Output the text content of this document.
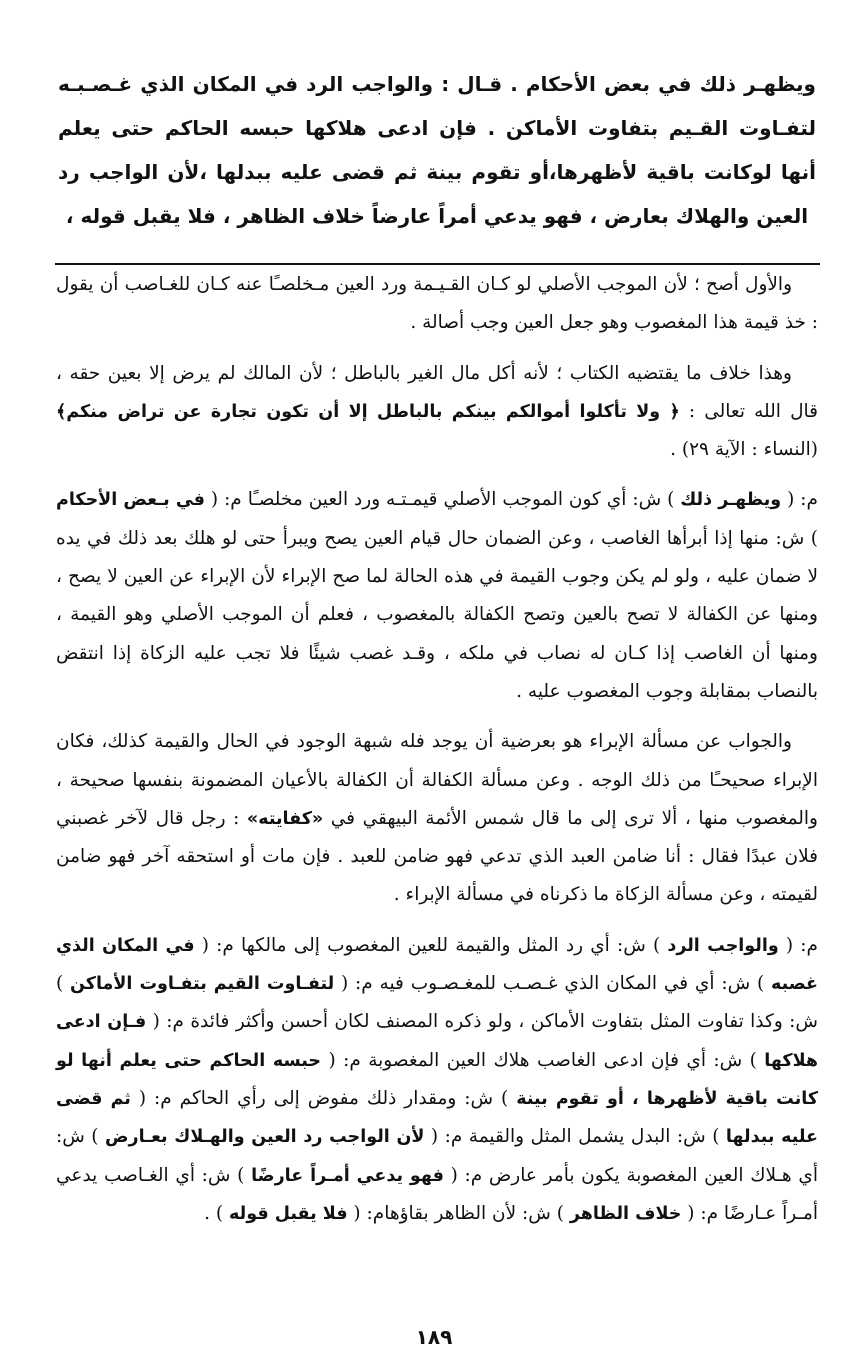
ويظهـر ذلك في بعض الأحكام . قـال : والواجب الرد في المكان الذي غـصـبـه لتفـاوت القـيم بتفاوت الأماكن . فإن ادعى هلاكها حبسه الحاكم حتى يعلم أنها لوكانت باقية لأظهرها،أو تقوم بينة ثم قضى عليه ببدلها ،لأن الواجب رد العين والهلاك بعارض ، فهو يدعي أمراً عارضاً خلاف الظاهر ، فلا يقبل قوله ،

والأول أصح ؛ لأن الموجب الأصلي لو كـان القـيـمة ورد العين مـخلصـًا عنه كـان للغـاصب أن يقول : خذ قيمة هذا المغصوب وهو جعل العين وجب أصالة .

وهذا خلاف ما يقتضيه الكتاب ؛ لأنه أكل مال الغير بالباطل ؛ لأن المالك لم يرض إلا بعين حقه ، قال الله تعالى : ﴿ ولا تأكلوا أموالكم بينكم بالباطل إلا أن تكون تجارة عن تراض منكم﴾ (النساء : الآية ٢٩) .

م: ( ويظهـر ذلك ) ش: أي كون الموجب الأصلي قيمـتـه ورد العين مخلصـًا م: ( في بـعض الأحكام ) ش: منها إذا أبرأها الغاصب ، وعن الضمان حال قيام العين يصح ويبرأ حتى لو هلك بعد ذلك في يده لا ضمان عليه ، ولو لم يكن وجوب القيمة في هذه الحالة لما صح الإبراء لأن الإبراء عن العين لا يصح ، ومنها عن الكفالة لا تصح بالعين وتصح الكفالة بالمغصوب ، فعلم أن الموجب الأصلي وهو القيمة ، ومنها أن الغاصب إذا كـان له نصاب في ملكه ، وقـد غصب شيئًا فلا تجب عليه الزكاة إذا انتقض بالنصاب بمقابلة وجوب المغصوب عليه .

والجواب عن مسألة الإبراء هو بعرضية أن يوجد فله شبهة الوجود في الحال والقيمة كذلك، فكان الإبراء صحيحـًا من ذلك الوجه . وعن مسألة الكفالة أن الكفالة بالأعيان المضمونة بنفسها صحيحة ، والمغصوب منها ، ألا ترى إلى ما قال شمس الأئمة البيهقي في «كفايته» : رجل قال لآخر غصبني فلان عبدًا فقال : أنا ضامن العبد الذي تدعي فهو ضامن للعبد . فإن مات أو استحقه آخر فهو ضامن لقيمته ، وعن مسألة الزكاة ما ذكرناه في مسألة الإبراء .

م: ( والواجب الرد ) ش: أي رد المثل والقيمة للعين المغصوب إلى مالكها م: ( في المكان الذي غصبه ) ش: أي في المكان الذي غـصـب للمغـصـوب فيه م: ( لتفـاوت القيم بتفـاوت الأماكن ) ش: وكذا تفاوت المثل بتفاوت الأماكن ، ولو ذكره المصنف لكان أحسن وأكثر فائدة م: ( فـإن ادعى هلاكها ) ش: أي فإن ادعى الغاصب هلاك العين المغصوبة م: ( حبسه الحاكم حتى يعلم أنها لو كانت باقية لأظهرها ، أو تقوم بينة ) ش: ومقدار ذلك مفوض إلى رأي الحاكم م: ( ثم قضى عليه ببدلها ) ش: البدل يشمل المثل والقيمة م: ( لأن الواجب رد العين والهـلاك بعـارض ) ش: أي هـلاك العين المغصوبة يكون بأمر عارض م: ( فهو يدعي أمـراً عارضًا ) ش: أي الغـاصب يدعي أمـراً عـارضًا م: ( خلاف الظاهر ) ش: لأن الظاهر بقاؤهام: ( فلا يقبل قوله ) .

١٨٩
